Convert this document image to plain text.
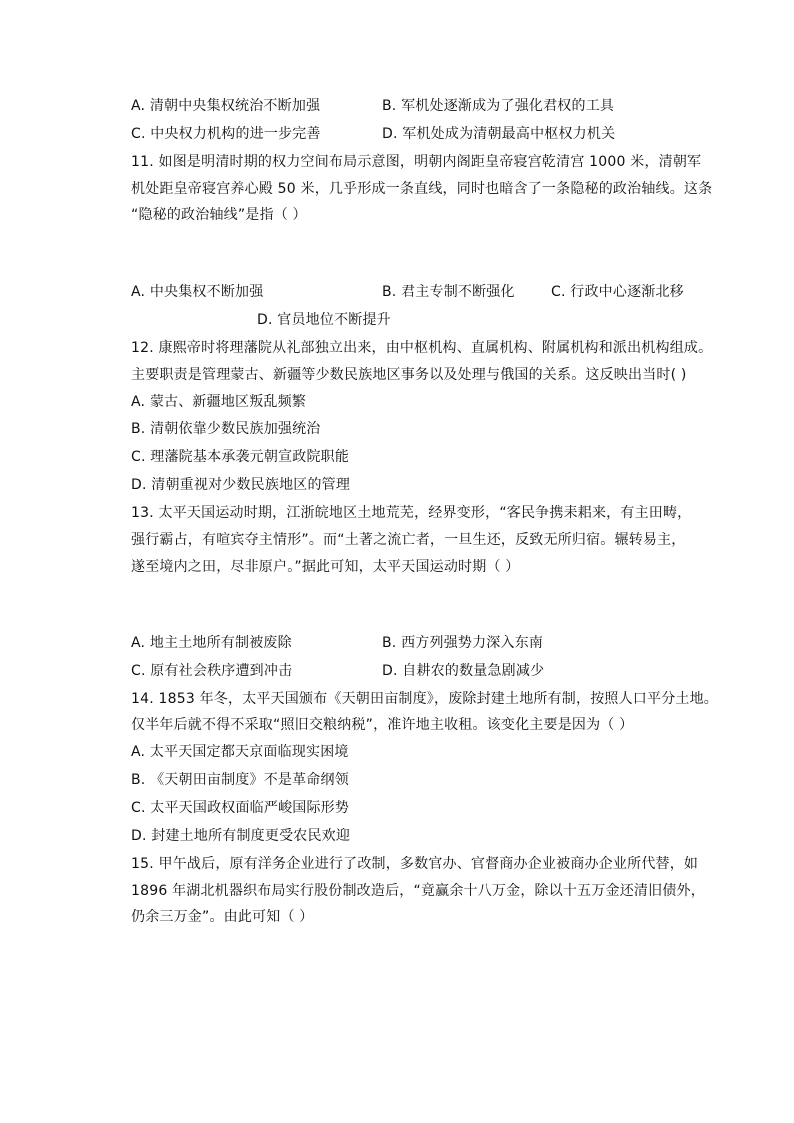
A. 清朝中央集权统治不断加强	B. 军机处逐渐成为了强化君权的工具
C. 中央权力机构的进一步完善	D. 军机处成为清朝最高中枢权力机关
11. 如图是明清时期的权力空间布局示意图，明朝内阁距皇帝寝宫乾清宫 1000 米，清朝军
机处距皇帝寝宫养心殿 50 米，几乎形成一条直线，同时也暗含了一条隐秘的政治轴线。这条
“隐秘的政治轴线”是指（ ）
A. 中央集权不断加强	B. 君主专制不断强化	C. 行政中心逐渐北移
D. 官员地位不断提升
12. 康熙帝时将理藩院从礼部独立出来，由中枢机构、直属机构、附属机构和派出机构组成。
主要职责是管理蒙古、新疆等少数民族地区事务以及处理与俄国的关系。这反映出当时( )
A. 蒙古、新疆地区叛乱频繁
B. 清朝依靠少数民族加强统治
C. 理藩院基本承袭元朝宣政院职能
D. 清朝重视对少数民族地区的管理
13. 太平天国运动时期，江浙皖地区土地荒芜，经界变形，“客民争携耒耜来，有主田畴，
强行霸占，有喧宾夺主情形”。而“土著之流亡者，一旦生还，反致无所归宿。辗转易主，
遂至境内之田，尽非原户。”据此可知，太平天国运动时期（ ）
A. 地主土地所有制被废除	B. 西方列强势力深入东南
C. 原有社会秩序遭到冲击	D. 自耕农的数量急剧减少
14. 1853 年冬，太平天国颁布《天朝田亩制度》，废除封建土地所有制，按照人口平分土地。
仅半年后就不得不采取“照旧交粮纳税”，准许地主收租。该变化主要是因为（ ）
A. 太平天国定都天京面临现实困境
B. 《天朝田亩制度》不是革命纲领
C. 太平天国政权面临严峻国际形势
D. 封建土地所有制度更受农民欢迎
15. 甲午战后，原有洋务企业进行了改制，多数官办、官督商办企业被商办企业所代替，如
1896 年湖北机器织布局实行股份制改造后，“竟赢余十八万金，除以十五万金还清旧债外，
仍余三万金”。由此可知（ ）
